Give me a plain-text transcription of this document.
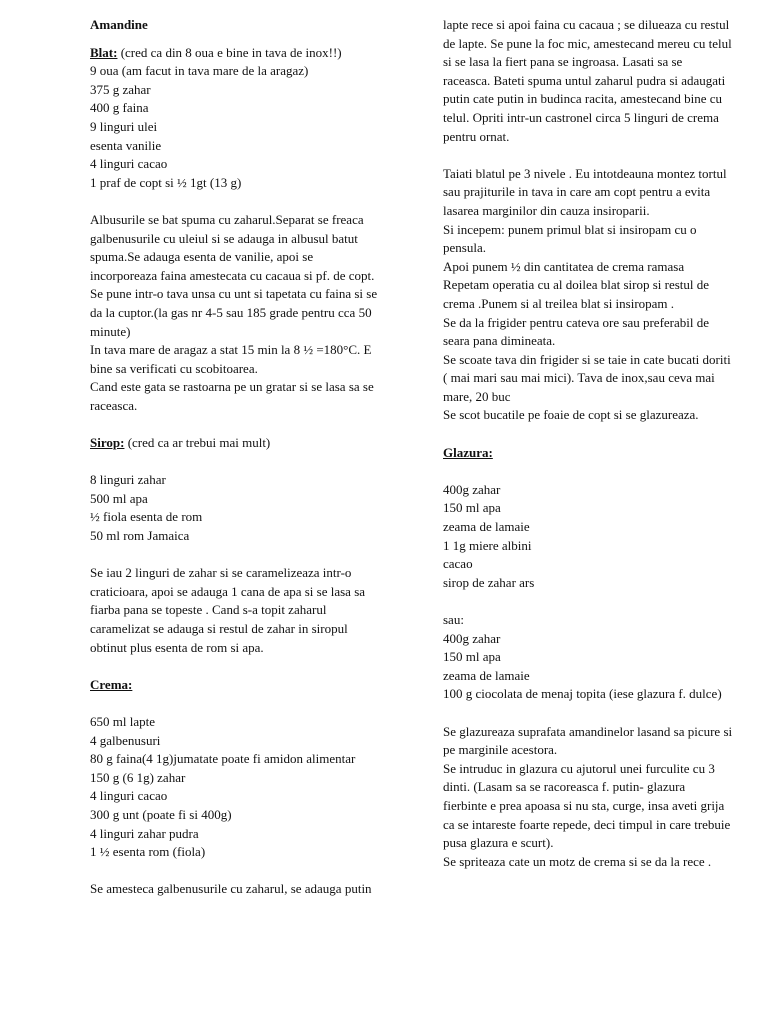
Amandine
Blat: (cred ca din 8 oua e bine in tava de inox!!)
9 oua (am facut in tava mare de la aragaz)
375 g zahar
400 g faina
9 linguri ulei
esenta vanilie
4 linguri cacao
1 praf de copt si ½ 1gt (13 g)
Albusurile se bat spuma cu zaharul.Separat se freaca
galbenusurile cu uleiul si se adauga in albusul batut
spuma.Se adauga esenta de vanilie, apoi se
incorporeaza faina amestecata cu cacaua si pf. de copt.
Se pune intr-o tava unsa cu unt si tapetata cu faina si se
da la cuptor.(la gas nr 4-5 sau 185 grade pentru cca 50
minute)
In tava mare de aragaz a stat 15 min la 8 ½ =180°C. E
bine sa verificati cu scobitoarea.
Cand este gata se rastoarna pe un gratar si se lasa sa se
raceasca.
Sirop: (cred ca ar trebui mai mult)
8 linguri zahar
500 ml apa
½ fiola esenta de rom
50 ml rom Jamaica
Se iau 2 linguri de zahar si se caramelizeaza intr-o
craticioara, apoi se adauga 1 cana de apa si se lasa sa
fiarba pana se topeste . Cand s-a topit zaharul
caramelizat se adauga si restul de zahar in siropul
obtinut plus esenta de rom si apa.
Crema:
650 ml lapte
4 galbenusuri
80 g faina(4 1g)jumatate poate fi amidon alimentar
150 g (6 1g) zahar
4 linguri cacao
300 g unt (poate fi si 400g)
4 linguri zahar pudra
1 ½ esenta rom (fiola)
Se amesteca galbenusurile cu zaharul, se adauga putin
lapte rece si apoi faina cu cacaua ; se dilueaza cu restul
de lapte. Se pune la foc mic, amestecand mereu cu telul
si se lasa la fiert pana se ingroasa. Lasati sa se
raceasca. Bateti spuma untul zaharul pudra si adaugati
putin cate putin in budinca racita, amestecand bine cu
telul. Opriti intr-un castronel circa 5 linguri de crema
pentru ornat.
Taiati blatul pe 3 nivele . Eu intotdeauna montez tortul
sau prajiturile in tava in care am copt pentru a evita
lasarea marginilor din cauza insiroparii.
Si incepem: punem primul blat si insiropam cu o
pensula.
Apoi punem ½ din cantitatea de crema ramasa
Repetam operatia cu al doilea blat sirop si restul de
crema .Punem si al treilea blat si insiropam .
Se da la frigider pentru cateva ore sau preferabil de
seara pana dimineata.
Se scoate tava din frigider si se taie in cate bucati doriti
( mai mari sau mai mici). Tava de inox,sau ceva mai
mare, 20 buc
Se scot bucatile pe foaie de copt si se glazureaza.
Glazura:
400g zahar
150 ml apa
zeama de lamaie
1 1g miere albini
cacao
sirop de zahar ars
sau:
400g zahar
150 ml apa
zeama de lamaie
100 g ciocolata de menaj topita (iese glazura f. dulce)
Se glazureaza suprafata amandinelor lasand sa picure si
pe marginile acestora.
Se intruduc in glazura cu ajutorul unei furculite cu 3
dinti. (Lasam sa se racoreasca f. putin- glazura
fierbinte e prea apoasa si nu sta, curge, insa aveti grija
ca se intareste foarte repede, deci timpul in care trebuie
pusa glazura e scurt).
Se spriteaza cate un motz de crema si se da la rece .
